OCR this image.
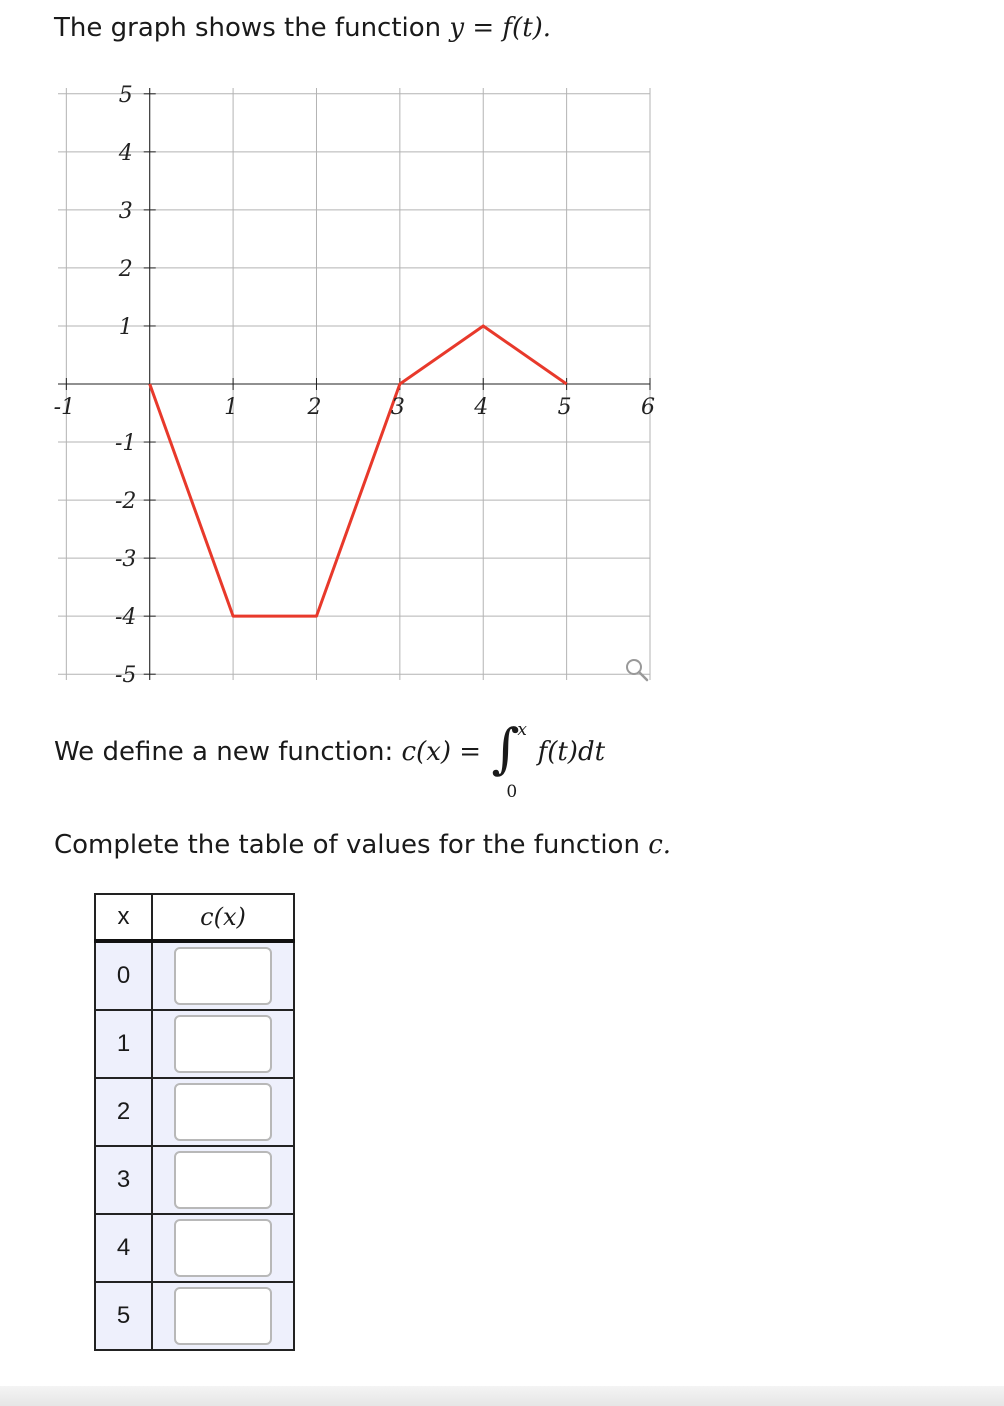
The graph shows the function y = f(t).

-1	1	2	3	4	5	6
5
4
3
2
1
-1
-2
-3
-4
-5

We define a new function: c(x) = ∫
x
0
f(t)dt

Complete the table of values for the function c.

x	c(x)
0	

1	

2	

3	

4	

5	
